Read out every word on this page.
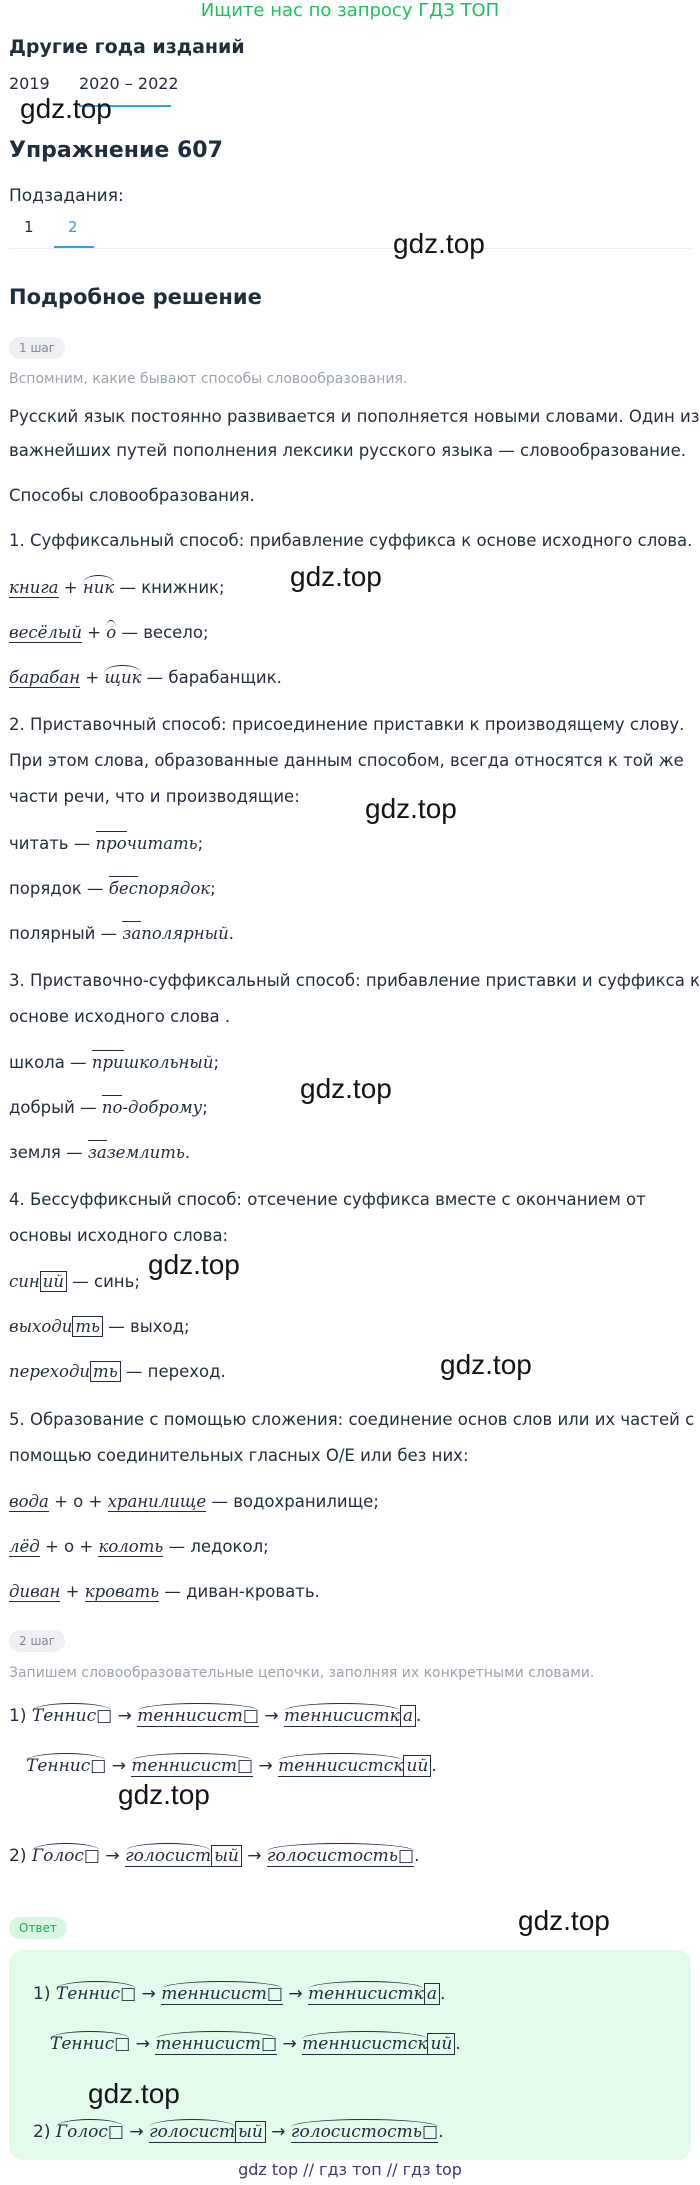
Ищите нас по запросу ГДЗ ТОП
Другие года изданий
2019 2020 – 2022
Упражнение 607
Подзадания:
1 2
Подробное решение
1 шаг
Вспомним, какие бывают способы словообразования.
Русский язык постоянно развивается и пополняется новыми словами. Один из
важнейших путей пополнения лексики русского языка — словообразование.
Способы словообразования.
1. Суффиксальный способ: прибавление суффикса к основе исходного слова.
книга + ник — книжник;
весёлый + о — весело;
барабан + щик — барабанщик.
2. Приставочный способ: присоединение приставки к производящему слову.
При этом слова, образованные данным способом, всегда относятся к той же
части речи, что и производящие:
читать — прочитать;
порядок — беспорядок;
полярный — заполярный.
3. Приставочно-суффиксальный способ: прибавление приставки и суффикса к
основе исходного слова .
школа — пришкольный;
добрый — по-доброму;
земля — заземлить.
4. Бессуффиксный способ: отсечение суффикса вместе с окончанием от
основы исходного слова:
син ий — синь;
выходи ть — выход;
переходи ть — переход.
5. Образование с помощью сложения: соединение основ слов или их частей с
помощью соединительных гласных О/Е или без них:
вода + о + хранилище — водохранилище;
лёд + о + колоть — ледокол;
диван + кровать — диван-кровать.
2 шаг
Запишем словообразовательные цепочки, заполняя их конкретными словами.
1) Теннис□ → теннисист□ → теннисистк а .
Теннис□ → теннисист□ → теннисистск ий .
2) Голос□ → голосист ый → голосистость□.
Ответ
1) Теннис□ → теннисист□ → теннисистк а .
Теннис□ → теннисист□ → теннисистск ий .
2) Голос□ → голосист ый → голосистость□.
gdz.top
gdz.top
gdz.top
gdz.top
gdz.top
gdz.top
gdz.top
gdz.top
gdz.top
gdz.top
gdz top // гдз топ // гдз top
